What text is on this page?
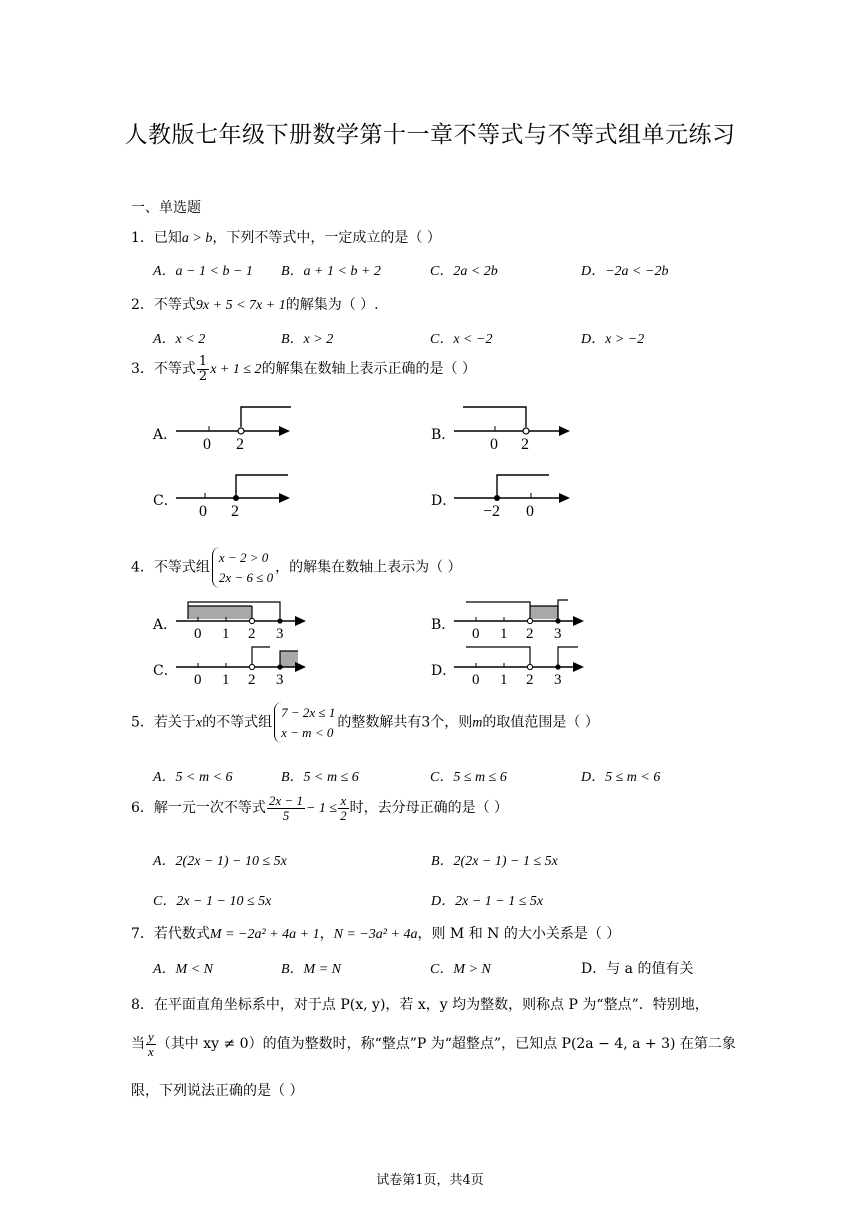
人教版七年级下册数学第十一章不等式与不等式组单元练习
一、单选题
1．已知a > b，下列不等式中，一定成立的是（ ）
A．a − 1 < b − 1 B．a + 1 < b + 2	C．2a < 2b	D．−2a < −2b
2．不等式9x + 5 < 7x + 1的解集为（ ）.
A．x < 2	B．x > 2	C．x < −2	D．x > −2
3．不等式 $\frac{1}{2}$ x + 1 ≤ 2的解集在数轴上表示正确的是（ ）
A．
0 2
B．
0 2
C．
0 2
D．
−2 0
4．不等式组
x − 2 > 0
2x − 6 ≤ 0
，的解集在数轴上表示为（ ）
A．
0 1 2 3
B．
0 1 2 3
C．
0 1 2 3
D．
0 1 2 3
5．若关于x的不等式组
7 − 2x ≤ 1
x − m < 0
的整数解共有3个，则m的取值范围是（ ）
A．5 < m < 6	B．5 < m ≤ 6	C．5 ≤ m ≤ 6	D．5 ≤ m < 6
6．解一元一次不等式 $\frac{2x - 1}{5} - 1 \le \frac{x}{2}$ 时，去分母正确的是（ ）
A．2(2x − 1) − 10 ≤ 5x	B．2(2x − 1) − 1 ≤ 5x
C．2x − 1 − 10 ≤ 5x	D．2x − 1 − 1 ≤ 5x
7．若代数式M = −2a² + 4a + 1，N = −3a² + 4a，则 M 和 N 的大小关系是（ ）
A．M < N	B．M = N	C．M > N	D．与 a 的值有关
8．在平面直角坐标系中，对于点 P(x, y)，若 x，y 均为整数，则称点 P 为“整点”．特别地，
当 $\frac{y}{x}$ （其中 xy ≠ 0）的值为整数时，称“整点”P 为“超整点”，已知点 P(2a − 4, a + 3) 在第二象
限，下列说法正确的是（ ）
试卷第1页，共4页
